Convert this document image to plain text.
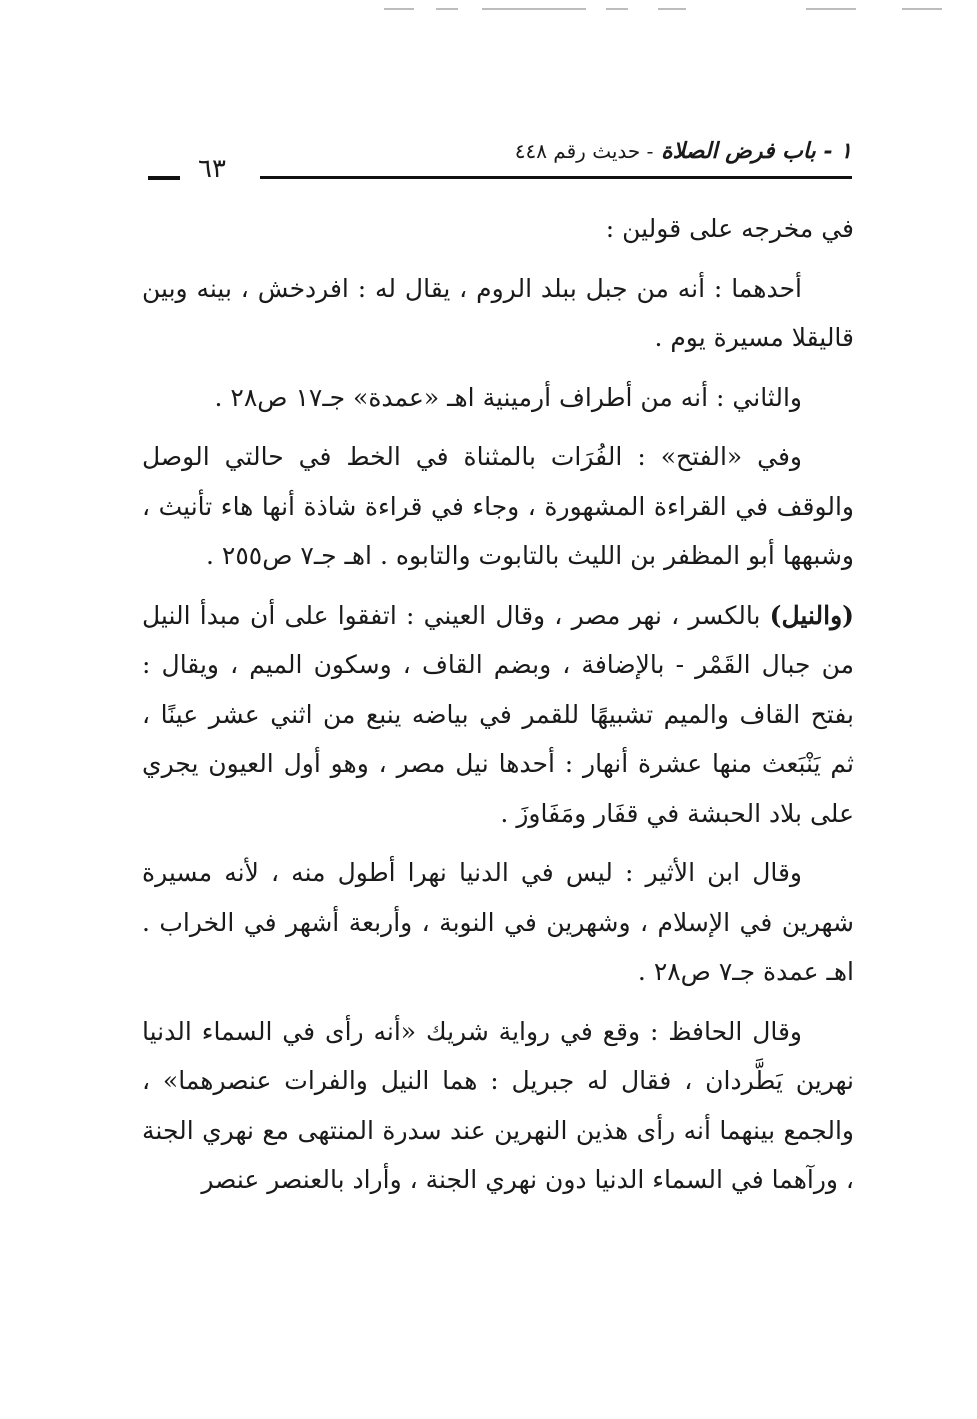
١ - باب فرض الصلاة - حديث رقم ٤٤٨
٦٣

في مخرجه على قولين :

أحدهما : أنه من جبل ببلد الروم ، يقال له : افردخش ، بينه وبين قاليقلا مسيرة يوم .

والثاني : أنه من أطراف أرمينية اهـ «عمدة» جـ١٧ ص٢٨ .

وفي «الفتح» : الفُرَات بالمثناة في الخط في حالتي الوصل والوقف في القراءة المشهورة ، وجاء في قراءة شاذة أنها هاء تأنيث ، وشبهها أبو المظفر بن الليث بالتابوت والتابوه . اهـ جـ٧ ص٢٥٥ .

(والنيل) بالكسر ، نهر مصر ، وقال العيني : اتفقوا على أن مبدأ النيل من جبال القَمْر - بالإضافة ، وبضم القاف ، وسكون الميم ، ويقال : بفتح القاف والميم تشبيهًا للقمر في بياضه ينبع من اثني عشر عينًا ، ثم يَنْبَعث منها عشرة أنهار : أحدها نيل مصر ، وهو أول العيون يجري على بلاد الحبشة في قفَار ومَفَاوزَ .

وقال ابن الأثير : ليس في الدنيا نهرا أطول منه ، لأنه مسيرة شهرين في الإسلام ، وشهرين في النوبة ، وأربعة أشهر في الخراب . اهـ عمدة جـ٧ ص٢٨ .

وقال الحافظ : وقع في رواية شريك «أنه رأى في السماء الدنيا نهرين يَطَّردان ، فقال له جبريل : هما النيل والفرات عنصرهما» ، والجمع بينهما أنه رأى هذين النهرين عند سدرة المنتهى مع نهري الجنة ، ورآهما في السماء الدنيا دون نهري الجنة ، وأراد بالعنصر عنصر
